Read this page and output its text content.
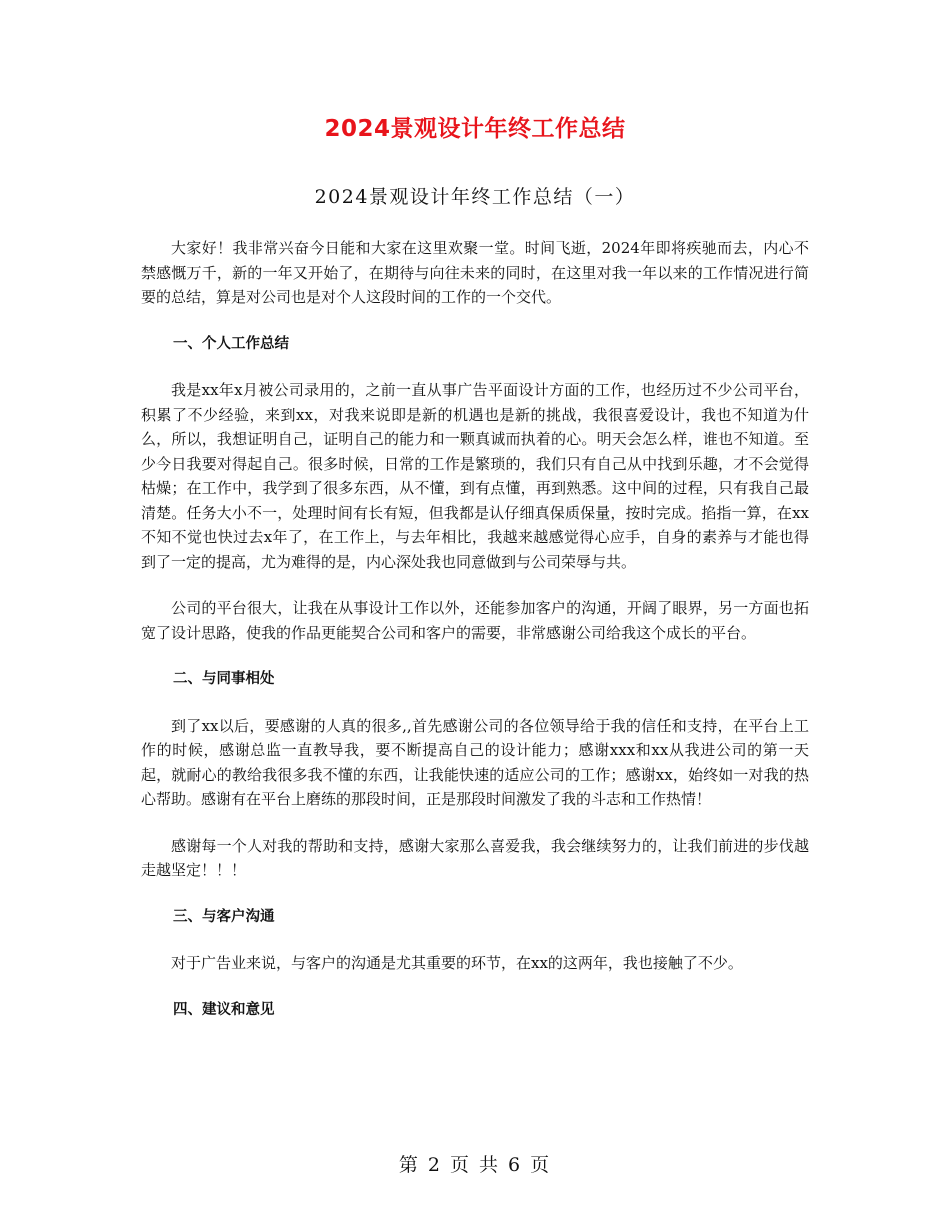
2024景观设计年终工作总结
2024景观设计年终工作总结（一）

大家好！我非常兴奋今日能和大家在这里欢聚一堂。时间飞逝，2024年即将疾驰而去，内心不禁感慨万千，新的一年又开始了，在期待与向往未来的同时，在这里对我一年以来的工作情况进行简要的总结，算是对公司也是对个人这段时间的工作的一个交代。

一、个人工作总结

我是xx年x月被公司录用的，之前一直从事广告平面设计方面的工作，也经历过不少公司平台，积累了不少经验，来到xx，对我来说即是新的机遇也是新的挑战，我很喜爱设计，我也不知道为什么，所以，我想证明自己，证明自己的能力和一颗真诚而执着的心。明天会怎么样，谁也不知道。至少今日我要对得起自己。很多时候，日常的工作是繁琐的，我们只有自己从中找到乐趣，才不会觉得枯燥；在工作中，我学到了很多东西，从不懂，到有点懂，再到熟悉。这中间的过程，只有我自己最清楚。任务大小不一，处理时间有长有短，但我都是认仔细真保质保量，按时完成。掐指一算，在xx不知不觉也快过去x年了，在工作上，与去年相比，我越来越感觉得心应手，自身的素养与才能也得到了一定的提高，尤为难得的是，内心深处我也同意做到与公司荣辱与共。

公司的平台很大，让我在从事设计工作以外，还能参加客户的沟通，开阔了眼界，另一方面也拓宽了设计思路，使我的作品更能契合公司和客户的需要，非常感谢公司给我这个成长的平台。

二、与同事相处

到了xx以后，要感谢的人真的很多,,首先感谢公司的各位领导给于我的信任和支持，在平台上工作的时候，感谢总监一直教导我，要不断提高自己的设计能力；感谢xxx和xx从我进公司的第一天起，就耐心的教给我很多我不懂的东西，让我能快速的适应公司的工作；感谢xx，始终如一对我的热心帮助。感谢有在平台上磨练的那段时间，正是那段时间激发了我的斗志和工作热情！

感谢每一个人对我的帮助和支持，感谢大家那么喜爱我，我会继续努力的，让我们前进的步伐越走越坚定！！！

三、与客户沟通

对于广告业来说，与客户的沟通是尤其重要的环节，在xx的这两年，我也接触了不少。

四、建议和意见
第 2 页 共 6 页
